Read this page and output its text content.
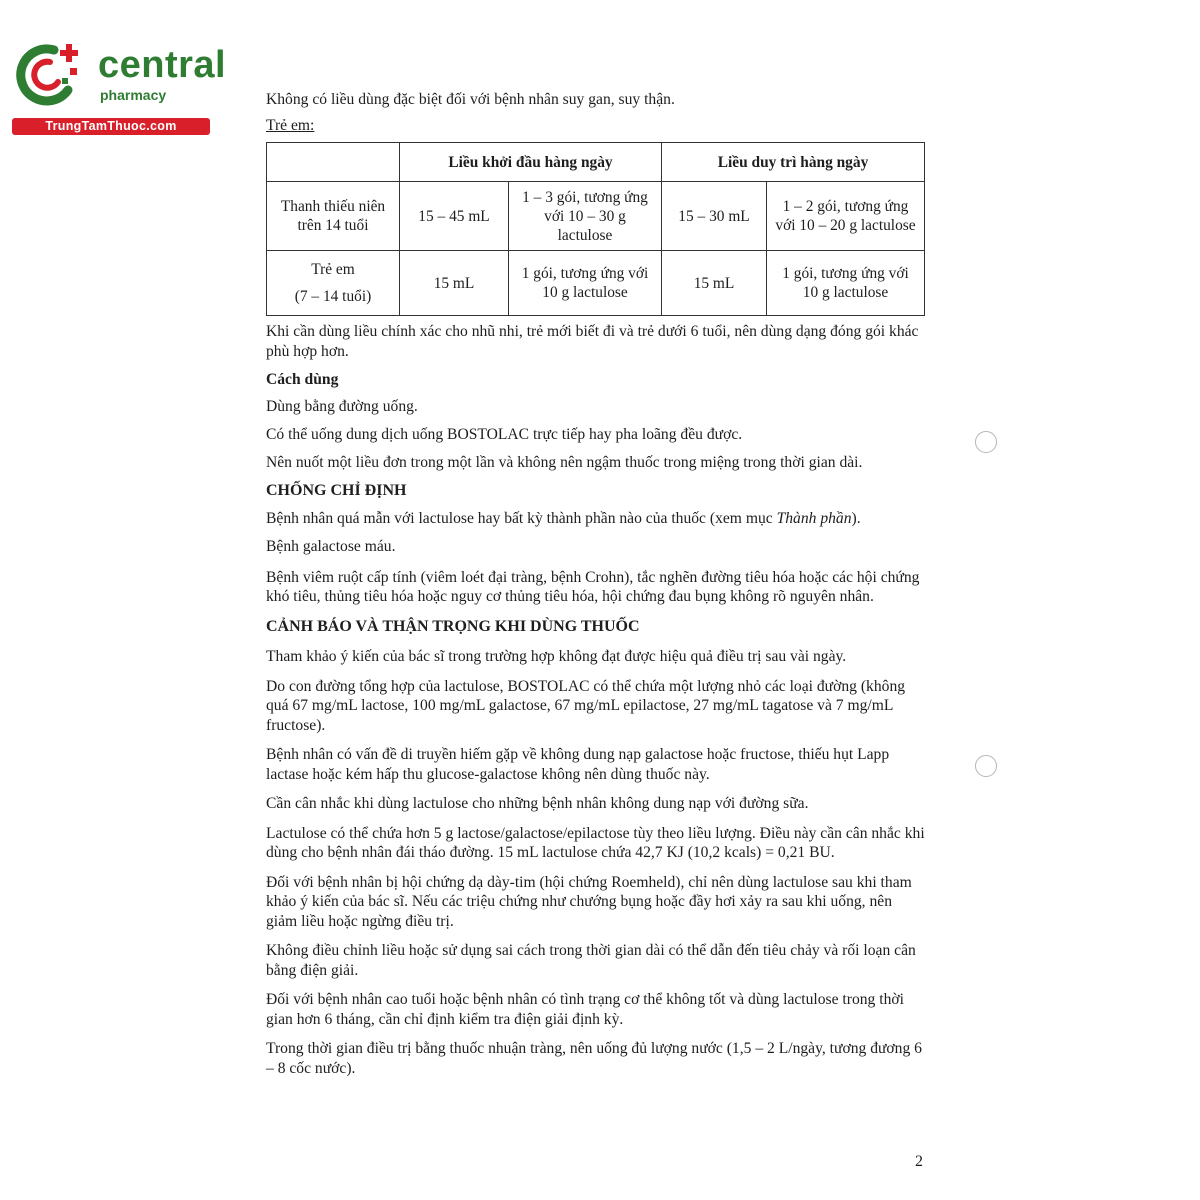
central
pharmacy
TrungTamThuoc.com

Không có liều dùng đặc biệt đối với bệnh nhân suy gan, suy thận.

Trẻ em:

	Liều khởi đầu hàng ngày		Liều duy trì hàng ngày	
Thanh thiếu niên trên 14 tuổi	15 – 45 mL	1 – 3 gói, tương ứng với 10 – 30 g lactulose	15 – 30 mL	1 – 2 gói, tương ứng với 10 – 20 g lactulose

Trẻ em
(7 – 14 tuổi)	15 mL	1 gói, tương ứng với 10 g lactulose	15 mL	1 gói, tương ứng với 10 g lactulose

Khi cần dùng liều chính xác cho nhũ nhi, trẻ mới biết đi và trẻ dưới 6 tuổi, nên dùng dạng đóng gói khác phù hợp hơn.

Cách dùng

Dùng bằng đường uống.

Có thể uống dung dịch uống BOSTOLAC trực tiếp hay pha loãng đều được.

Nên nuốt một liều đơn trong một lần và không nên ngậm thuốc trong miệng trong thời gian dài.

CHỐNG CHỈ ĐỊNH

Bệnh nhân quá mẫn với lactulose hay bất kỳ thành phần nào của thuốc (xem mục Thành phần).

Bệnh galactose máu.

Bệnh viêm ruột cấp tính (viêm loét đại tràng, bệnh Crohn), tắc nghẽn đường tiêu hóa hoặc các hội chứng khó tiêu, thủng tiêu hóa hoặc nguy cơ thủng tiêu hóa, hội chứng đau bụng không rõ nguyên nhân.

CẢNH BÁO VÀ THẬN TRỌNG KHI DÙNG THUỐC

Tham khảo ý kiến của bác sĩ trong trường hợp không đạt được hiệu quả điều trị sau vài ngày.

Do con đường tổng hợp của lactulose, BOSTOLAC có thể chứa một lượng nhỏ các loại đường (không quá 67 mg/mL lactose, 100 mg/mL galactose, 67 mg/mL epilactose, 27 mg/mL tagatose và 7 mg/mL fructose).

Bệnh nhân có vấn đề di truyền hiếm gặp về không dung nạp galactose hoặc fructose, thiếu hụt Lapp lactase hoặc kém hấp thu glucose-galactose không nên dùng thuốc này.

Cần cân nhắc khi dùng lactulose cho những bệnh nhân không dung nạp với đường sữa.

Lactulose có thể chứa hơn 5 g lactose/galactose/epilactose tùy theo liều lượng. Điều này cần cân nhắc khi dùng cho bệnh nhân đái tháo đường. 15 mL lactulose chứa 42,7 KJ (10,2 kcals) = 0,21 BU.

Đối với bệnh nhân bị hội chứng dạ dày-tim (hội chứng Roemheld), chỉ nên dùng lactulose sau khi tham khảo ý kiến của bác sĩ. Nếu các triệu chứng như chướng bụng hoặc đầy hơi xảy ra sau khi uống, nên giảm liều hoặc ngừng điều trị.

Không điều chỉnh liều hoặc sử dụng sai cách trong thời gian dài có thể dẫn đến tiêu chảy và rối loạn cân bằng điện giải.

Đối với bệnh nhân cao tuổi hoặc bệnh nhân có tình trạng cơ thể không tốt và dùng lactulose trong thời gian hơn 6 tháng, cần chỉ định kiểm tra điện giải định kỳ.

Trong thời gian điều trị bằng thuốc nhuận tràng, nên uống đủ lượng nước (1,5 – 2 L/ngày, tương đương 6 – 8 cốc nước).

2
